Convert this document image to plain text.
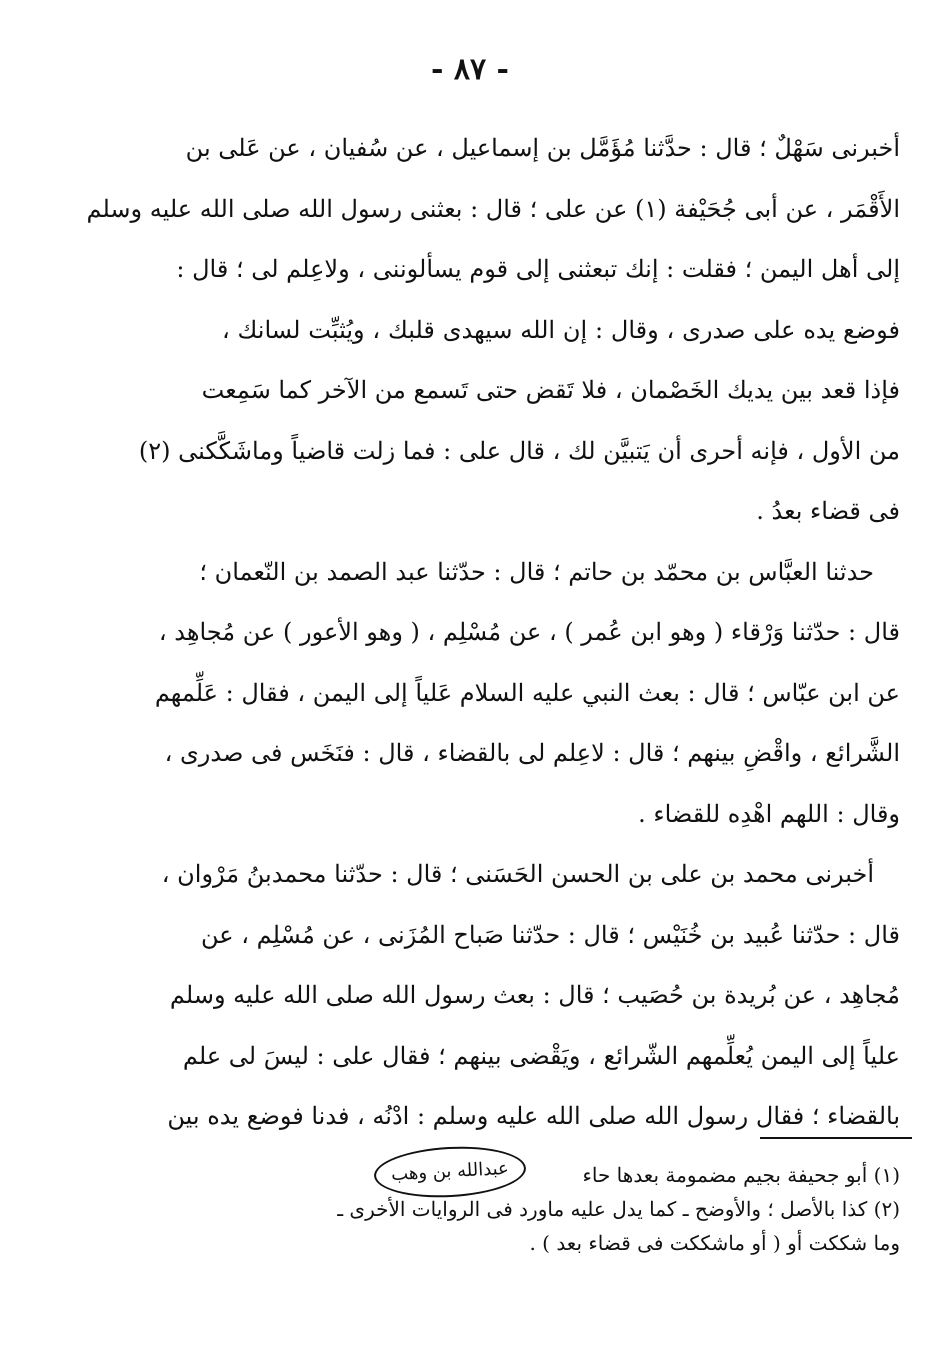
- ٨٧ -
أخبرنى سَهْلٌ ؛ قال : حدَّثنا مُؤَمَّل بن إسماعيل ، عن سُفيان ، عن عَلى بن
الأَقْمَر ، عن أبى جُحَيْفة (١) عن على ؛ قال : بعثنى رسول الله صلى الله عليه وسلم
إلى أهل اليمن ؛ فقلت : إنك تبعثنى إلى قوم يسألوننى ، ولاعِلم لى ؛ قال :
فوضع يده على صدرى ، وقال : إن الله سيهدى قلبك ، ويُثبِّت لسانك ،
فإذا قعد بين يديك الخَصْمان ، فلا تَقض حتى تَسمع من الآخر كما سَمِعت
من الأول ، فإنه أحرى أن يَتبيَّن لك ، قال على : فما زلت قاضياً وماشَكَّكنى (٢)
فى قضاء بعدُ .
حدثنا العبَّاس بن محمّد بن حاتم ؛ قال : حدّثنا عبد الصمد بن النّعمان ؛
قال : حدّثنا وَرْقاء ( وهو ابن عُمر ) ، عن مُسْلِم ، ( وهو الأعور ) عن مُجاهِد ،
عن ابن عبّاس ؛ قال : بعث النبي عليه السلام عَلياً إلى اليمن ، فقال : عَلِّمهم
الشَّرائع ، واقْضِ بينهم ؛ قال : لاعِلم لى بالقضاء ، قال : فنَخَس فى صدرى ،
وقال : اللهم اهْدِه للقضاء .
أخبرنى محمد بن على بن الحسن الحَسَنى ؛ قال : حدّثنا محمدبنُ مَرْوان ،
قال : حدّثنا عُبيد بن خُنَيْس ؛ قال : حدّثنا صَباح المُزَنى ، عن مُسْلِم ، عن
مُجاهِد ، عن بُريدة بن حُصَيب ؛ قال : بعث رسول الله صلى الله عليه وسلم
علياً إلى اليمن يُعلِّمهم الشّرائع ، ويَقْضى بينهم ؛ فقال على : ليسَ لى علم
بالقضاء ؛ فقال رسول الله صلى الله عليه وسلم : ادْنُه ، فدنا فوضع يده بين
عبدالله بن وهب	(١) أبو جحيفة بجيم مضمومة بعدها حاء
(٢) كذا بالأصل ؛ والأوضح ـ كما يدل عليه ماورد فى الروايات الأخرى ـ
وما شككت أو ( أو ماشككت فى قضاء بعد ) .
